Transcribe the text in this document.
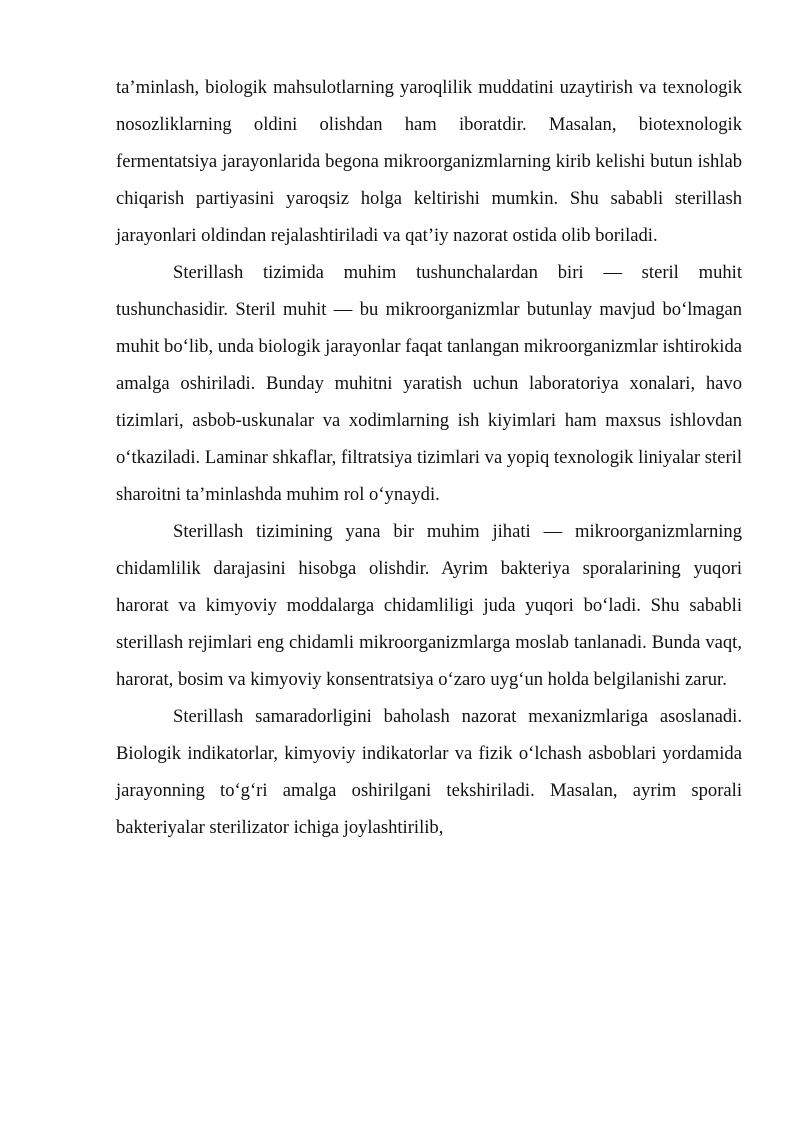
ta’minlash, biologik mahsulotlarning yaroqlilik muddatini uzaytirish va texnologik nosozliklarning oldini olishdan ham iboratdir. Masalan, biotexnologik fermentatsiya jarayonlarida begona mikroorganizmlarning kirib kelishi butun ishlab chiqarish partiyasini yaroqsiz holga keltirishi mumkin. Shu sababli sterillash jarayonlari oldindan rejalashtiriladi va qat’iy nazorat ostida olib boriladi.

Sterillash tizimida muhim tushunchalardan biri — steril muhit tushunchasidir. Steril muhit — bu mikroorganizmlar butunlay mavjud bo‘lmagan muhit bo‘lib, unda biologik jarayonlar faqat tanlangan mikroorganizmlar ishtirokida amalga oshiriladi. Bunday muhitni yaratish uchun laboratoriya xonalari, havo tizimlari, asbob-uskunalar va xodimlarning ish kiyimlari ham maxsus ishlovdan o‘tkaziladi. Laminar shkaflar, filtratsiya tizimlari va yopiq texnologik liniyalar steril sharoitni ta’minlashda muhim rol o‘ynaydi.

Sterillash tizimining yana bir muhim jihati — mikroorganizmlarning chidamlilik darajasini hisobga olishdir. Ayrim bakteriya sporalarining yuqori harorat va kimyoviy moddalarga chidamliligi juda yuqori bo‘ladi. Shu sababli sterillash rejimlari eng chidamli mikroorganizmlarga moslab tanlanadi. Bunda vaqt, harorat, bosim va kimyoviy konsentratsiya o‘zaro uyg‘un holda belgilanishi zarur.

Sterillash samaradorligini baholash nazorat mexanizmlariga asoslanadi. Biologik indikatorlar, kimyoviy indikatorlar va fizik o‘lchash asboblari yordamida jarayonning to‘g‘ri amalga oshirilgani tekshiriladi. Masalan, ayrim sporali bakteriyalar sterilizator ichiga joylashtirilib,
